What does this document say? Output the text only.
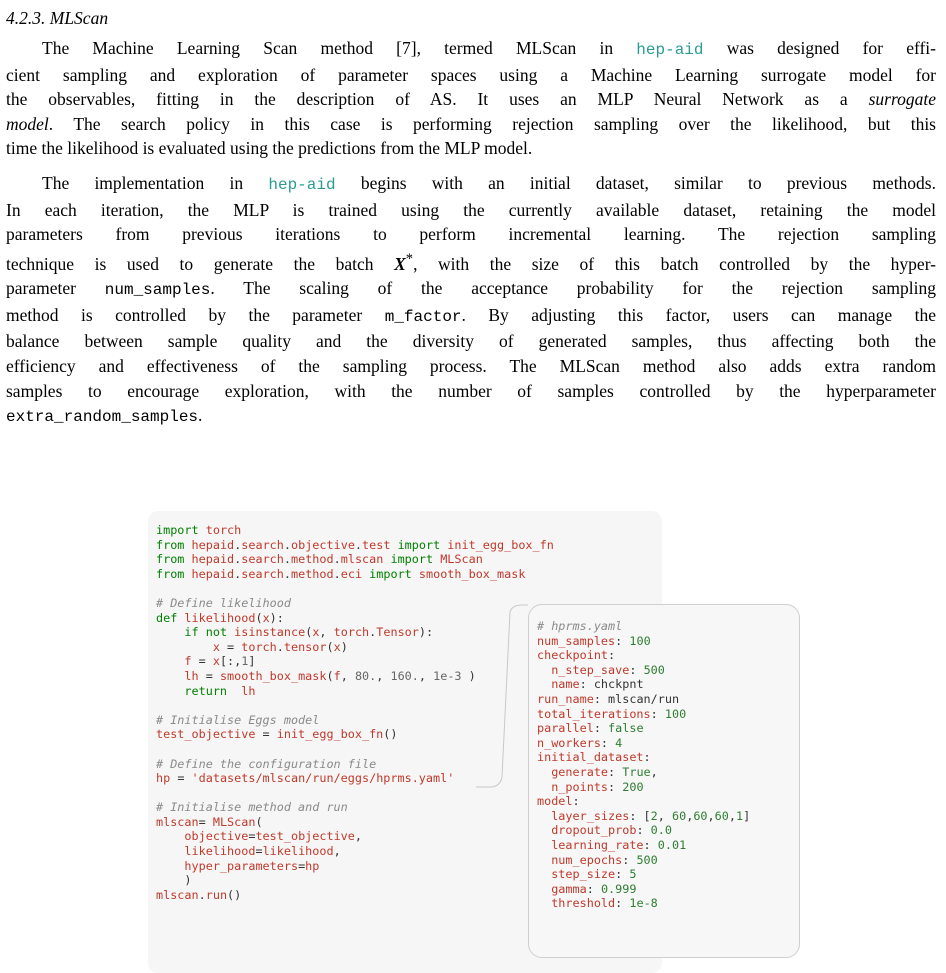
4.2.3. MLScan

The Machine Learning Scan method [7], termed MLScan in hep-aid was designed for effi-
cient sampling and exploration of parameter spaces using a Machine Learning surrogate model for
the observables, fitting in the description of AS. It uses an MLP Neural Network as a surrogate
model. The search policy in this case is performing rejection sampling over the likelihood, but this
time the likelihood is evaluated using the predictions from the MLP model.

The implementation in hep-aid begins with an initial dataset, similar to previous methods.
In each iteration, the MLP is trained using the currently available dataset, retaining the model
parameters from previous iterations to perform incremental learning. The rejection sampling
technique is used to generate the batch X*, with the size of this batch controlled by the hyper-
parameter num_samples. The scaling of the acceptance probability for the rejection sampling
method is controlled by the parameter m_factor. By adjusting this factor, users can manage the
balance between sample quality and the diversity of generated samples, thus affecting both the
efficiency and effectiveness of the sampling process. The MLScan method also adds extra random
samples to encourage exploration, with the number of samples controlled by the hyperparameter
extra_random_samples.

import torch
from hepaid.search.objective.test import init_egg_box_fn
from hepaid.search.method.mlscan import MLScan
from hepaid.search.method.eci import smooth_box_mask

# Define likelihood
def likelihood(x):
if not isinstance(x, torch.Tensor):
x = torch.tensor(x)
f = x[:,1]
lh = smooth_box_mask(f, 80., 160., 1e-3 )
return lh

# Initialise Eggs model
test_objective = init_egg_box_fn()

# Define the configuration file
hp = 'datasets/mlscan/run/eggs/hprms.yaml'

# Initialise method and run
mlscan= MLScan(
objective=test_objective,
likelihood=likelihood,
hyper_parameters=hp
)
mlscan.run()
# hprms.yaml
num_samples: 100
checkpoint:
n_step_save: 500
name: chckpnt
run_name: mlscan/run
total_iterations: 100
parallel: false
n_workers: 4
initial_dataset:
generate: True,
n_points: 200
model:
layer_sizes: [2, 60,60,60,1]
dropout_prob: 0.0
learning_rate: 0.01
num_epochs: 500
step_size: 5
gamma: 0.999
threshold: 1e-8
